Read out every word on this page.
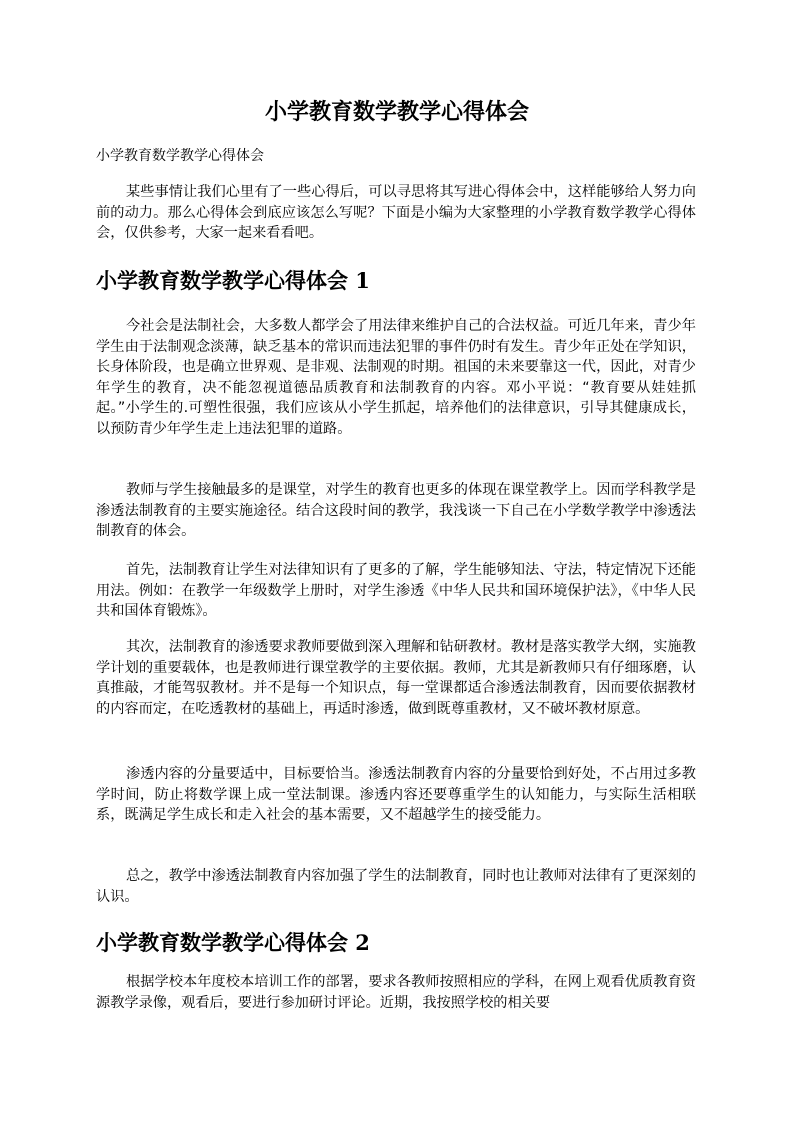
小学教育数学教学心得体会

小学教育数学教学心得体会

某些事情让我们心里有了一些心得后，可以寻思将其写进心得体会中，这样能够给人努力向前的动力。那么心得体会到底应该怎么写呢？下面是小编为大家整理的小学教育数学教学心得体会，仅供参考，大家一起来看看吧。

小学教育数学教学心得体会 1

今社会是法制社会，大多数人都学会了用法律来维护自己的合法权益。可近几年来，青少年学生由于法制观念淡薄，缺乏基本的常识而违法犯罪的事件仍时有发生。青少年正处在学知识，长身体阶段，也是确立世界观、是非观、法制观的时期。祖国的未来要靠这一代，因此，对青少年学生的教育，决不能忽视道德品质教育和法制教育的内容。邓小平说：“教育要从娃娃抓起。”小学生的.可塑性很强，我们应该从小学生抓起，培养他们的法律意识，引导其健康成长，以预防青少年学生走上违法犯罪的道路。

教师与学生接触最多的是课堂，对学生的教育也更多的体现在课堂教学上。因而学科教学是渗透法制教育的主要实施途径。结合这段时间的教学，我浅谈一下自己在小学数学教学中渗透法制教育的体会。

首先，法制教育让学生对法律知识有了更多的了解，学生能够知法、守法，特定情况下还能用法。例如：在教学一年级数学上册时，对学生渗透《中华人民共和国环境保护法》，《中华人民共和国体育锻炼》。

其次，法制教育的渗透要求教师要做到深入理解和钻研教材。教材是落实教学大纲，实施教学计划的重要载体，也是教师进行课堂教学的主要依据。教师，尤其是新教师只有仔细琢磨，认真推敲，才能驾驭教材。并不是每一个知识点，每一堂课都适合渗透法制教育，因而要依据教材的内容而定，在吃透教材的基础上，再适时渗透，做到既尊重教材，又不破坏教材原意。

渗透内容的分量要适中，目标要恰当。渗透法制教育内容的分量要恰到好处，不占用过多教学时间，防止将数学课上成一堂法制课。渗透内容还要尊重学生的认知能力，与实际生活相联系，既满足学生成长和走入社会的基本需要，又不超越学生的接受能力。

总之，教学中渗透法制教育内容加强了学生的法制教育，同时也让教师对法律有了更深刻的认识。

小学教育数学教学心得体会 2

根据学校本年度校本培训工作的部署，要求各教师按照相应的学科，在网上观看优质教育资源教学录像，观看后，要进行参加研讨评论。近期，我按照学校的相关要
